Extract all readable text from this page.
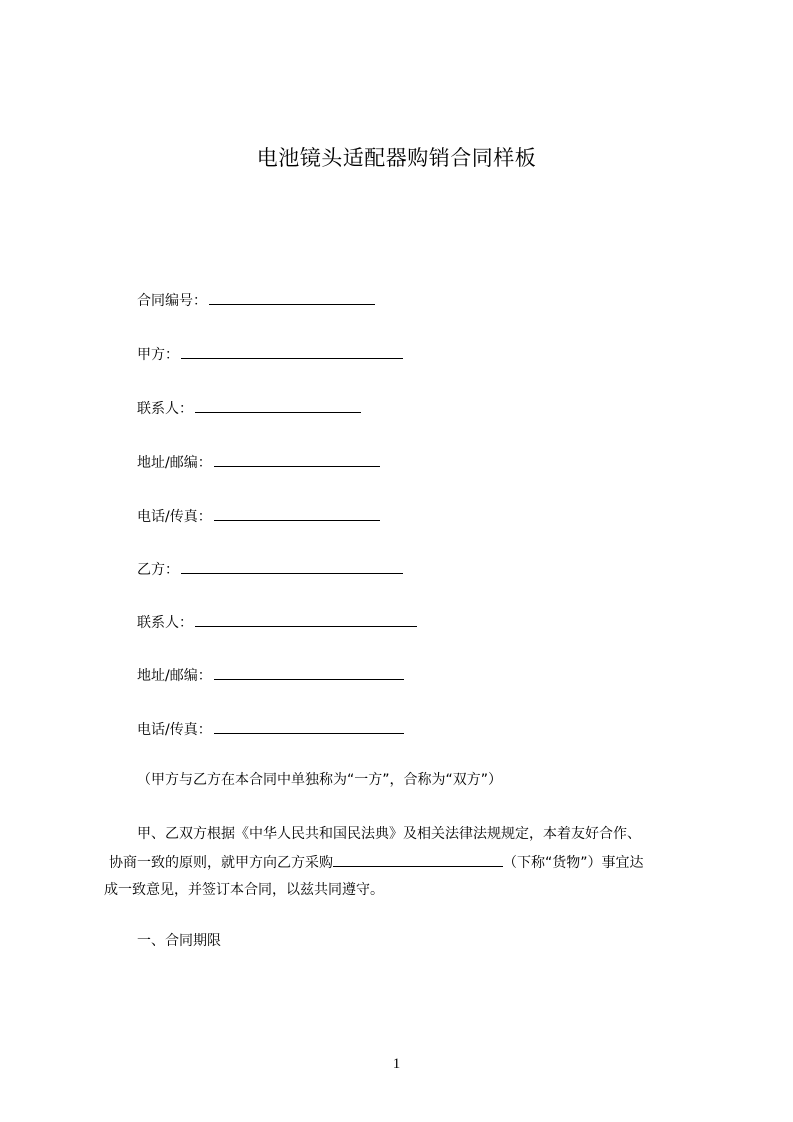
电池镜头适配器购销合同样板
合同编号：
甲方：
联系人：
地址/邮编：
电话/传真：
乙方：
联系人：
地址/邮编：
电话/传真：
（甲方与乙方在本合同中单独称为“一方”，合称为“双方”）
甲、乙双方根据《中华人民共和国民法典》及相关法律法规规定，本着友好合作、
协商一致的原则，就甲方向乙方采购	（下称“货物”）事宜达
成一致意见，并签订本合同，以兹共同遵守。
一、合同期限
1
